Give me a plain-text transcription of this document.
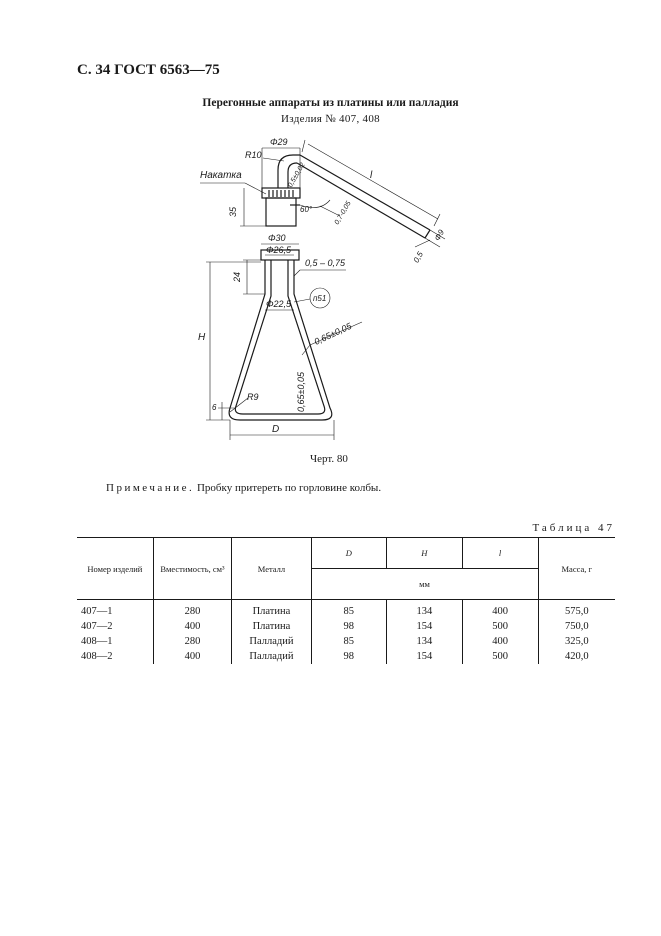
С. 34 ГОСТ 6563—75
Перегонные аппараты из платины или палладия
Изделия № 407, 408
Φ29
R10
Накатка
35
0,5±0,02
60°	0,7-0,05
l
Φ9
0,5
Φ30
Φ26,5
24
0,5 – 0,75
Φ22,5
п51
H	0,65±0,05
0,65±0,05
R9
6
D
Черт. 80
Примечание. Пробку притереть по горловине колбы.
Таблица 47
Номер изделий	Вместимость, см³	Металл	D	H	l	Масса, г
			мм			
407—1	280	Платина	85	134	400	575,0
407—2	400	Платина	98	154	500	750,0
408—1	280	Палладий	85	134	400	325,0
408—2	400	Палладий	98	154	500	420,0
